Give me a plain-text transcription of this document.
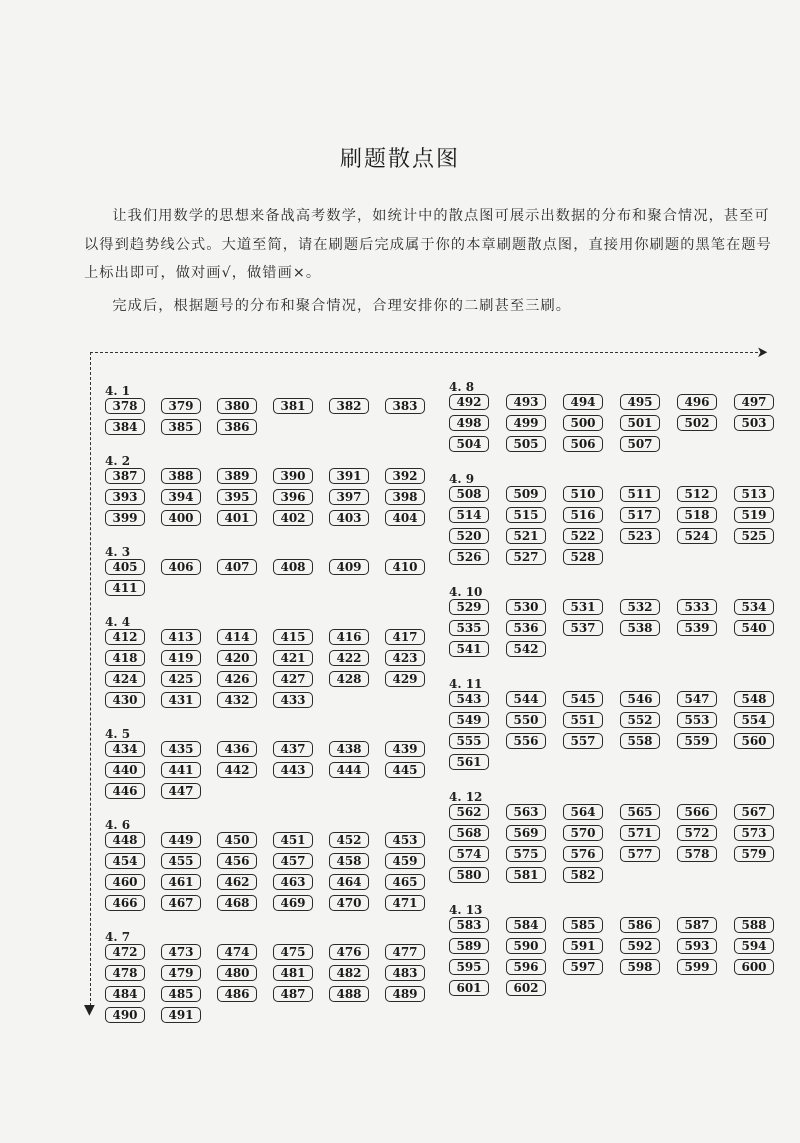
刷题散点图

让我们用数学的思想来备战高考数学，如统计中的散点图可展示出数据的分布和聚合情况，甚至可以得到趋势线公式。大道至简，请在刷题后完成属于你的本章刷题散点图，直接用你刷题的黑笔在题号上标出即可，做对画√，做错画×。

完成后，根据题号的分布和聚合情况，合理安排你的二刷甚至三刷。

➤
▼
4. 1
378	379	380	381	382	383
384	385	386
4. 2
387	388	389	390	391	392
393	394	395	396	397	398
399	400	401	402	403	404
4. 3
405	406	407	408	409	410
411
4. 4
412	413	414	415	416	417
418	419	420	421	422	423
424	425	426	427	428	429
430	431	432	433
4. 5
434	435	436	437	438	439
440	441	442	443	444	445
446	447
4. 6
448	449	450	451	452	453
454	455	456	457	458	459
460	461	462	463	464	465
466	467	468	469	470	471
4. 7
472	473	474	475	476	477
478	479	480	481	482	483
484	485	486	487	488	489
490	491
4. 8
492	493	494	495	496	497
498	499	500	501	502	503
504	505	506	507
4. 9
508	509	510	511	512	513
514	515	516	517	518	519
520	521	522	523	524	525
526	527	528
4. 10
529	530	531	532	533	534
535	536	537	538	539	540
541	542
4. 11
543	544	545	546	547	548
549	550	551	552	553	554
555	556	557	558	559	560
561
4. 12
562	563	564	565	566	567
568	569	570	571	572	573
574	575	576	577	578	579
580	581	582
4. 13
583	584	585	586	587	588
589	590	591	592	593	594
595	596	597	598	599	600
601	602
